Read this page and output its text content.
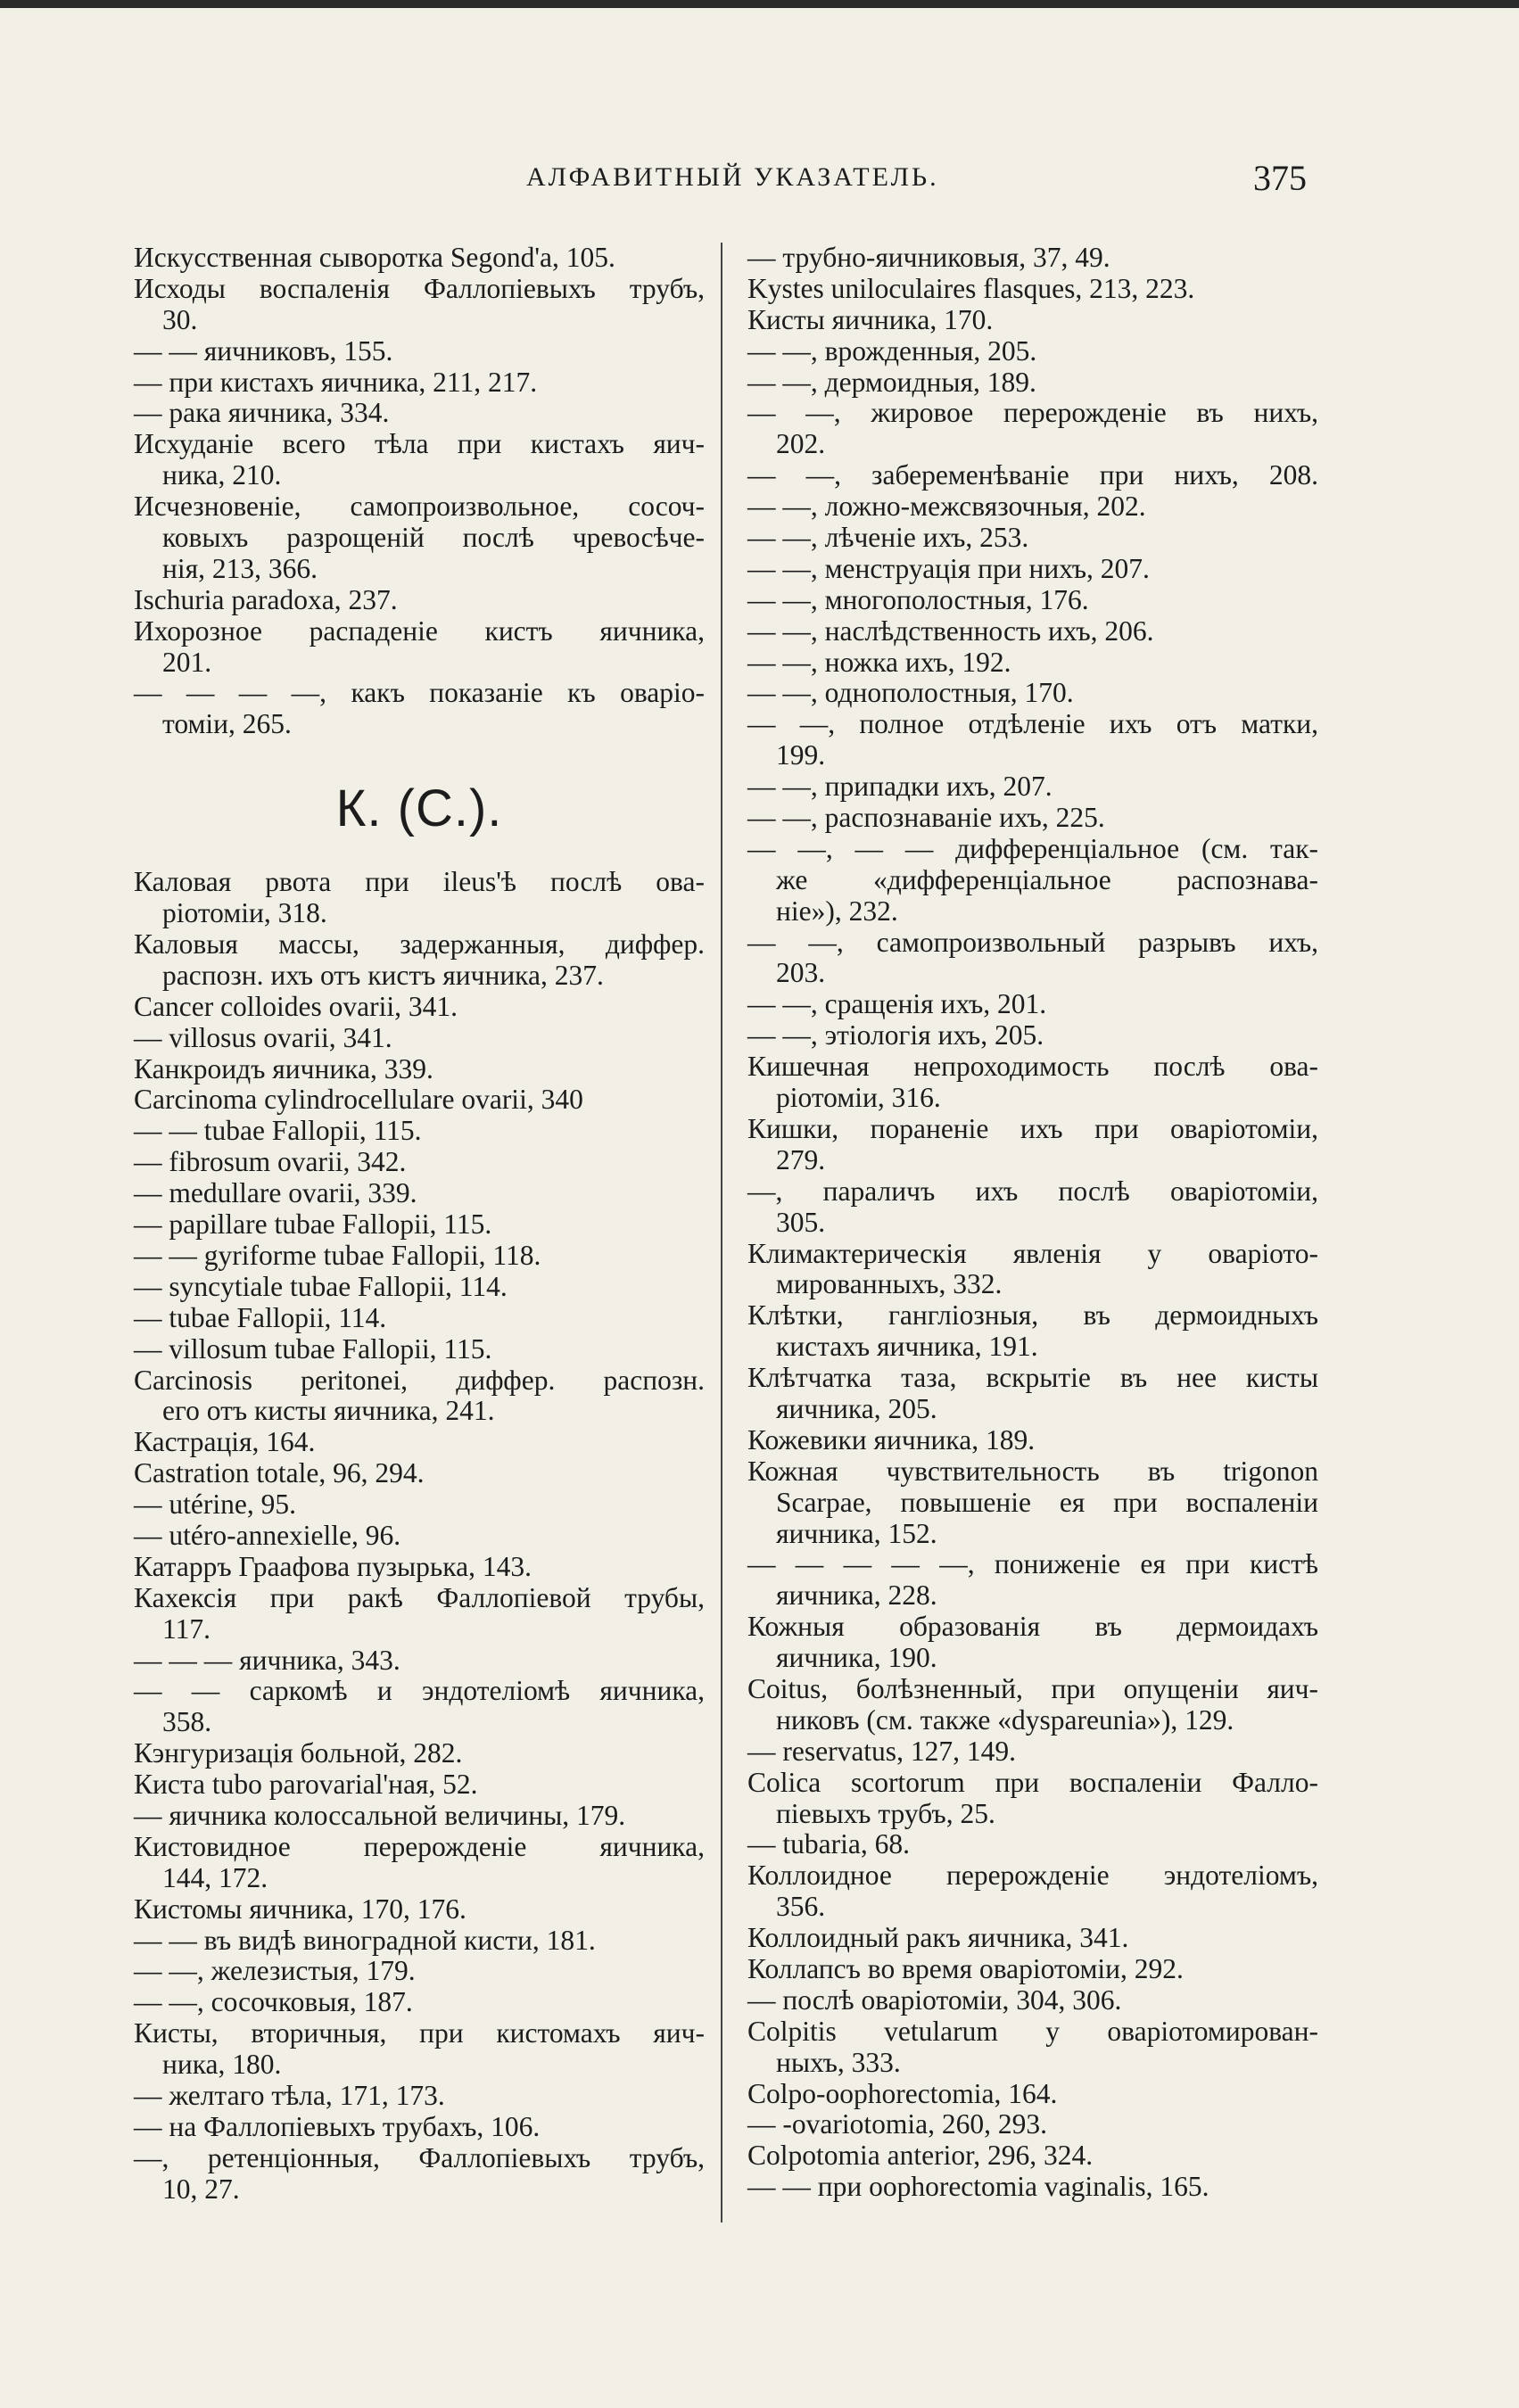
АЛФАВИТНЫЙ УКАЗАТЕЛЬ.	375
Искусственная сыворотка Segond'a, 105.
Исходы воспаленія Фаллопіевыхъ трубъ,
30.
— — яичниковъ, 155.
— при кистахъ яичника, 211, 217.
— рака яичника, 334.
Исхуданіе всего тѣла при кистахъ яич-
ника, 210.
Исчезновеніе, самопроизвольное, сосоч-
ковыхъ разрощеній послѣ чревосѣче-
нія, 213, 366.
Ischuria paradoxa, 237.
Ихорозное распаденіе кистъ яичника,
201.
— — — —, какъ показаніе къ оваріо-
томіи, 265.
К. (C.).
Каловая рвота при ileus'ѣ послѣ ова-
ріотоміи, 318.
Каловыя массы, задержанныя, диффер.
распозн. ихъ отъ кистъ яичника, 237.
Cancer colloides ovarii, 341.
— villosus ovarii, 341.
Канкроидъ яичника, 339.
Carcinoma cylindrocellulare ovarii, 340
— — tubae Fallopii, 115.
— fibrosum ovarii, 342.
— medullare ovarii, 339.
— papillare tubae Fallopii, 115.
— — gyriforme tubae Fallopii, 118.
— syncytiale tubae Fallopii, 114.
— tubae Fallopii, 114.
— villosum tubae Fallopii, 115.
Carcinosis peritonei, диффер. распозн.
его отъ кисты яичника, 241.
Кастрація, 164.
Castration totale, 96, 294.
— utérine, 95.
— utéro-annexielle, 96.
Катарръ Граафова пузырька, 143.
Кахексія при ракѣ Фаллопіевой трубы,
117.
— — — яичника, 343.
— — саркомѣ и эндотеліомѣ яичника,
358.
Кэнгуризація больной, 282.
Киста tubo parovarial'ная, 52.
— яичника колоссальной величины, 179.
Кистовидное перерожденіе яичника,
144, 172.
Кистомы яичника, 170, 176.
— — въ видѣ виноградной кисти, 181.
— —, железистыя, 179.
— —, сосочковыя, 187.
Кисты, вторичныя, при кистомахъ яич-
ника, 180.
— желтаго тѣла, 171, 173.
— на Фаллопіевыхъ трубахъ, 106.
—, ретенціонныя, Фаллопіевыхъ трубъ,
10, 27.
— трубно-яичниковыя, 37, 49.
Kystes uniloculaires flasques, 213, 223.
Кисты яичника, 170.
— —, врожденныя, 205.
— —, дермоидныя, 189.
— —, жировое перерожденіе въ нихъ,
202.
— —, забеременѣваніе при нихъ, 208.
— —, ложно-межсвязочныя, 202.
— —, лѣченіе ихъ, 253.
— —, менструація при нихъ, 207.
— —, многополостныя, 176.
— —, наслѣдственность ихъ, 206.
— —, ножка ихъ, 192.
— —, однополостныя, 170.
— —, полное отдѣленіе ихъ отъ матки,
199.
— —, припадки ихъ, 207.
— —, распознаваніе ихъ, 225.
— —, — — дифференціальное (см. так-
же «дифференціальное распознава-
ніе»), 232.
— —, самопроизвольный разрывъ ихъ,
203.
— —, сращенія ихъ, 201.
— —, этіологія ихъ, 205.
Кишечная непроходимость послѣ ова-
ріотоміи, 316.
Кишки, пораненіе ихъ при оваріотоміи,
279.
—, параличъ ихъ послѣ оваріотоміи,
305.
Климактерическія явленія у оваріото-
мированныхъ, 332.
Клѣтки, гангліозныя, въ дермоидныхъ
кистахъ яичника, 191.
Клѣтчатка таза, вскрытіе въ нее кисты
яичника, 205.
Кожевики яичника, 189.
Кожная чувствительность въ trigonon
Scarpae, повышеніе ея при воспаленіи
яичника, 152.
— — — — —, пониженіе ея при кистѣ
яичника, 228.
Кожныя образованія въ дермоидахъ
яичника, 190.
Coitus, болѣзненный, при опущеніи яич-
никовъ (см. также «dyspareunia»), 129.
— reservatus, 127, 149.
Colica scortorum при воспаленіи Фалло-
піевыхъ трубъ, 25.
— tubaria, 68.
Коллоидное перерожденіе эндотеліомъ,
356.
Коллоидный ракъ яичника, 341.
Коллапсъ во время оваріотоміи, 292.
— послѣ оваріотоміи, 304, 306.
Colpitis vetularum у оваріотомирован-
ныхъ, 333.
Colpo-oophorectomia, 164.
— -ovariotomia, 260, 293.
Colpotomia anterior, 296, 324.
— — при oophorectomia vaginalis, 165.
